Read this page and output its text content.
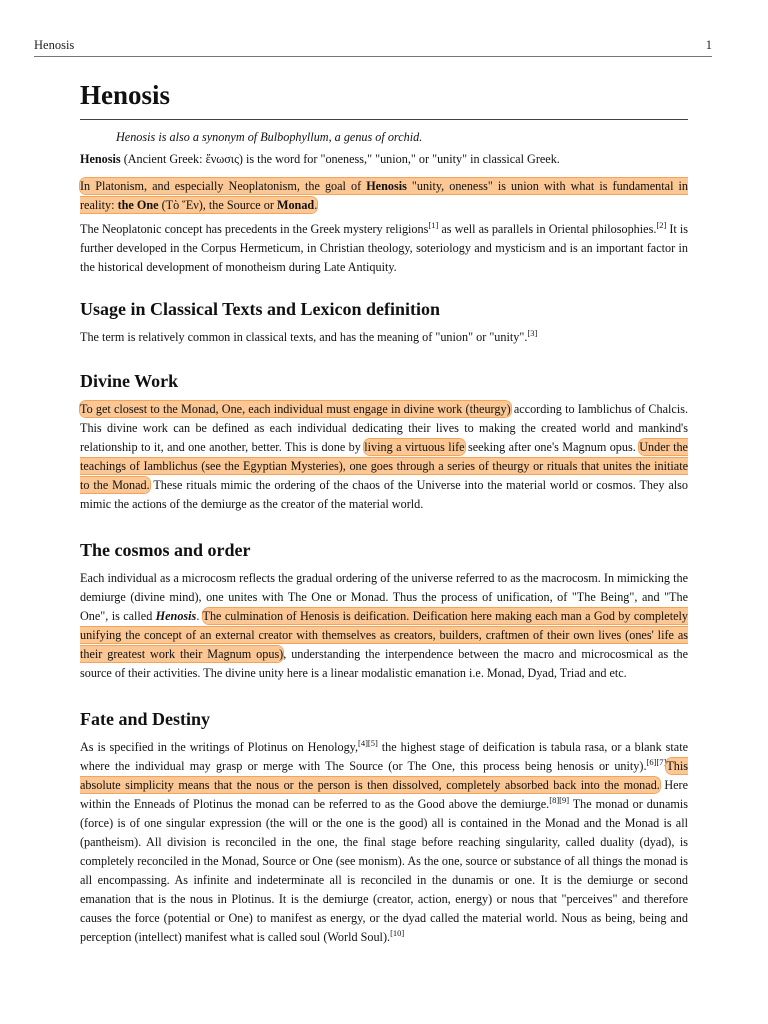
Henosis	1
Henosis

Henosis is also a synonym of Bulbophyllum, a genus of orchid.

Henosis (Ancient Greek: ἕνωσις) is the word for "oneness," "union," or "unity" in classical Greek.

In Platonism, and especially Neoplatonism, the goal of Henosis "unity, oneness" is union with what is fundamental in reality: the One (Τὸ Ἕν), the Source or Monad.

The Neoplatonic concept has precedents in the Greek mystery religions[1] as well as parallels in Oriental philosophies.[2] It is further developed in the Corpus Hermeticum, in Christian theology, soteriology and mysticism and is an important factor in the historical development of monotheism during Late Antiquity.

Usage in Classical Texts and Lexicon definition

The term is relatively common in classical texts, and has the meaning of "union" or "unity".[3]

Divine Work

To get closest to the Monad, One, each individual must engage in divine work (theurgy) according to Iamblichus of Chalcis. This divine work can be defined as each individual dedicating their lives to making the created world and mankind's relationship to it, and one another, better. This is done by living a virtuous life seeking after one's Magnum opus. Under the teachings of Iamblichus (see the Egyptian Mysteries), one goes through a series of theurgy or rituals that unites the initiate to the Monad. These rituals mimic the ordering of the chaos of the Universe into the material world or cosmos. They also mimic the actions of the demiurge as the creator of the material world.

The cosmos and order

Each individual as a microcosm reflects the gradual ordering of the universe referred to as the macrocosm. In mimicking the demiurge (divine mind), one unites with The One or Monad. Thus the process of unification, of "The Being", and "The One", is called Henosis. The culmination of Henosis is deification. Deification here making each man a God by completely unifying the concept of an external creator with themselves as creators, builders, craftmen of their own lives (ones' life as their greatest work their Magnum opus), understanding the interpendence between the macro and microcosmical as the source of their activities. The divine unity here is a linear modalistic emanation i.e. Monad, Dyad, Triad and etc.

Fate and Destiny

As is specified in the writings of Plotinus on Henology,[4][5] the highest stage of deification is tabula rasa, or a blank state where the individual may grasp or merge with The Source (or The One, this process being henosis or unity).[6][7]This absolute simplicity means that the nous or the person is then dissolved, completely absorbed back into the monad. Here within the Enneads of Plotinus the monad can be referred to as the Good above the demiurge.[8][9] The monad or dunamis (force) is of one singular expression (the will or the one is the good) all is contained in the Monad and the Monad is all (pantheism). All division is reconciled in the one, the final stage before reaching singularity, called duality (dyad), is completely reconciled in the Monad, Source or One (see monism). As the one, source or substance of all things the monad is all encompassing. As infinite and indeterminate all is reconciled in the dunamis or one. It is the demiurge or second emanation that is the nous in Plotinus. It is the demiurge (creator, action, energy) or nous that "perceives" and therefore causes the force (potential or One) to manifest as energy, or the dyad called the material world. Nous as being, being and perception (intellect) manifest what is called soul (World Soul).[10]
